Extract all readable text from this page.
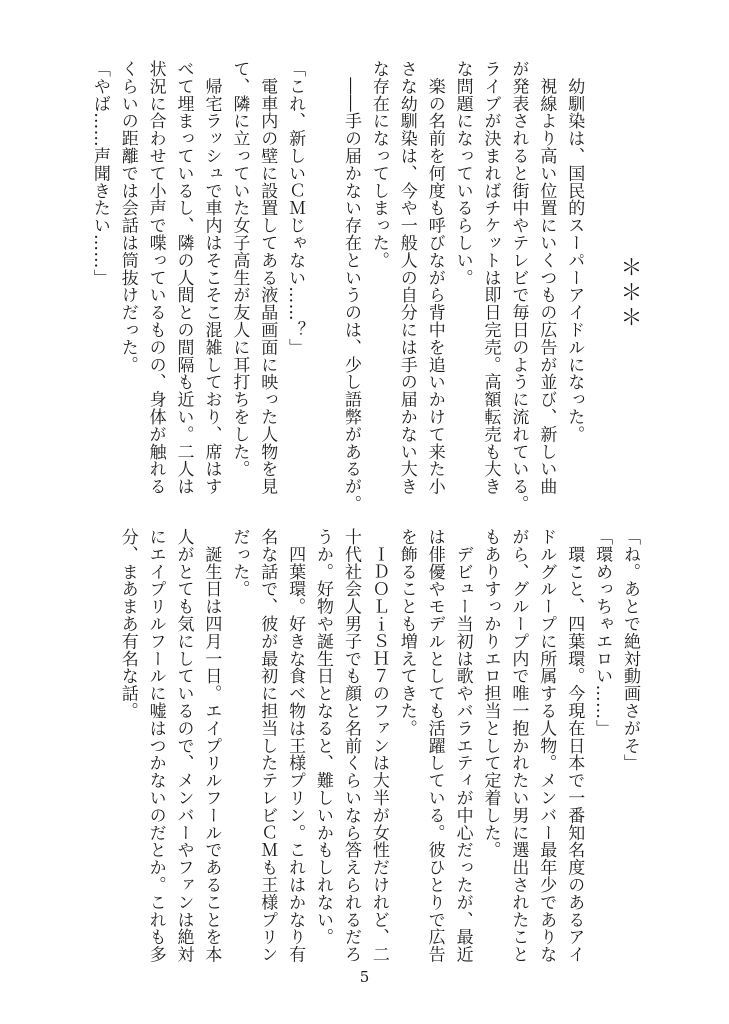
＊＊＊
　幼馴染は、国民的スーパーアイドルになった。
　視線より高い位置にいくつもの広告が並び、新しい曲
が発表されると街中やテレビで毎日のように流れている。
ライブが決まればチケットは即日完売。高額転売も大き
な問題になっているらしい。
　楽の名前を何度も呼びながら背中を追いかけて来た小
さな幼馴染は、今や一般人の自分には手の届かない大き
な存在になってしまった。
　――手の届かない存在というのは、少し語弊があるが。
「これ、新しいＣＭじゃない……？」
　電車内の壁に設置してある液晶画面に映った人物を見
て、隣に立っていた女子高生が友人に耳打ちをした。
　帰宅ラッシュで車内はそこそこ混雑しており、席はす
べて埋まっているし、隣の人間との間隔も近い。二人は
状況に合わせて小声で喋っているものの、身体が触れる
くらいの距離では会話は筒抜けだった。
「やば……声聞きたい……」
「ね。あとで絶対動画さがそ」
「環めっちゃエロい……」
　環こと、四葉環。今現在日本で一番知名度のあるアイ
ドルグループに所属する人物。メンバー最年少でありな
がら、グループ内で唯一抱かれたい男に選出されたこと
もありすっかりエロ担当として定着した。
　デビュー当初は歌やバラエティが中心だったが、最近
は俳優やモデルとしても活躍している。彼ひとりで広告
を飾ることも増えてきた。
　ＩＤＯＬｉＳＨ７のファンは大半が女性だけれど、二
十代社会人男子でも顔と名前くらいなら答えられるだろ
うか。好物や誕生日となると、難しいかもしれない。
　四葉環。好きな食べ物は王様プリン。これはかなり有
名な話で、彼が最初に担当したテレビＣＭも王様プリン
だった。
　誕生日は四月一日。エイプリルフールであることを本
人がとても気にしているので、メンバーやファンは絶対
にエイプリルフールに嘘はつかないのだとか。これも多
分、まあまあ有名な話。
5
